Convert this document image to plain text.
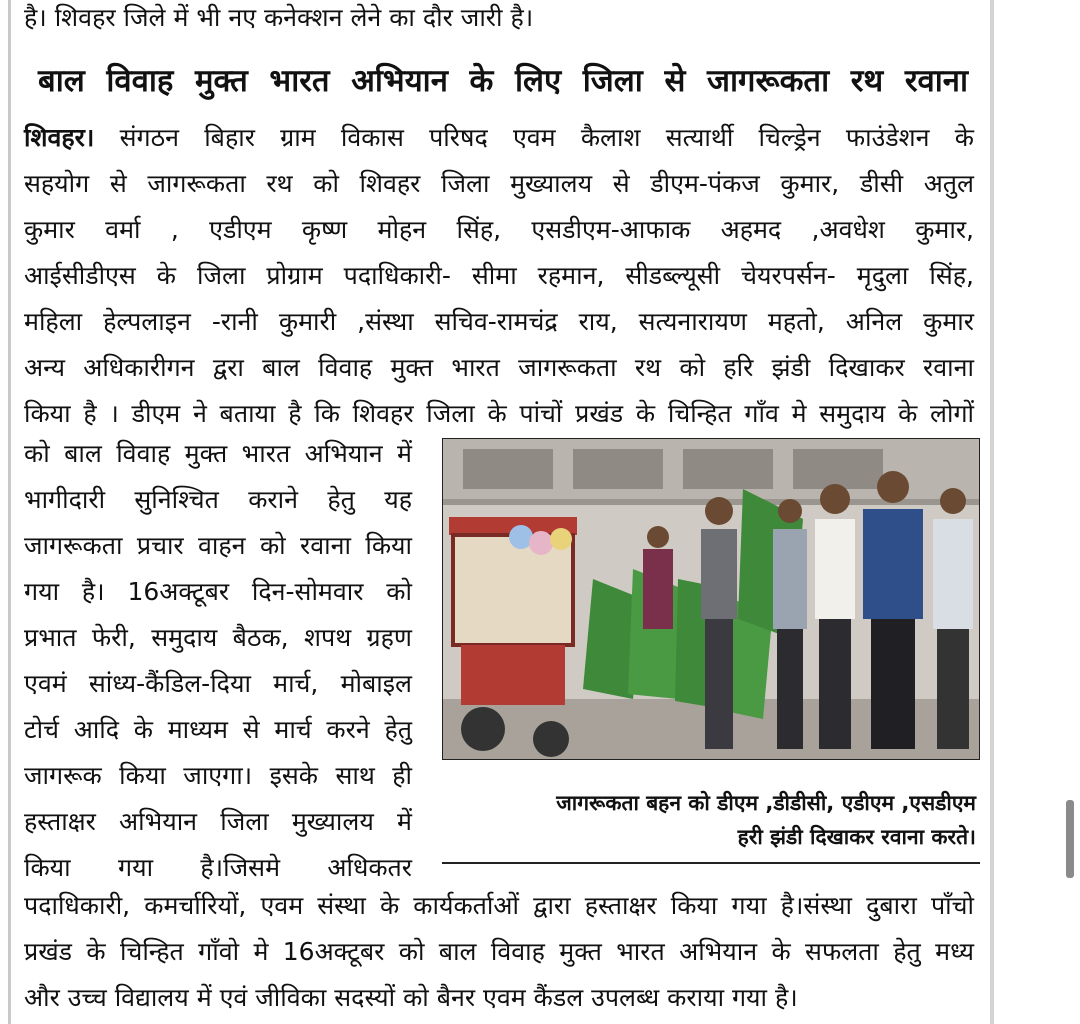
है। शिवहर जिले में भी नए कनेक्शन लेने का दौर जारी है।
बाल विवाह मुक्त भारत अभियान के लिए जिला से जागरूकता रथ रवाना
शिवहर। संगठन बिहार ग्राम विकास परिषद एवम कैलाश सत्यार्थी चिल्ड्रेन फाउंडेशन के
सहयोग से जागरूकता रथ को शिवहर जिला मुख्यालय से डीएम-पंकज कुमार, डीसी अतुल
कुमार वर्मा , एडीएम कृष्ण मोहन सिंह, एसडीएम-आफाक अहमद ,अवधेश कुमार,
आईसीडीएस के जिला प्रोग्राम पदाधिकारी- सीमा रहमान, सीडब्ल्यूसी चेयरपर्सन- मृदुला सिंह,
महिला हेल्पलाइन -रानी कुमारी ,संस्था सचिव-रामचंद्र राय, सत्यनारायण महतो, अनिल कुमार
अन्य अधिकारीगन द्वरा बाल विवाह मुक्त भारत जागरूकता रथ को हरि झंडी दिखाकर रवाना
किया है । डीएम ने बताया है कि शिवहर जिला के पांचों प्रखंड के चिन्हित गाँव मे समुदाय के लोगों
को बाल विवाह मुक्त भारत अभियान में
भागीदारी सुनिश्चित कराने हेतु यह
जागरूकता प्रचार वाहन को रवाना किया
गया है। 16अक्टूबर दिन-सोमवार को
प्रभात फेरी, समुदाय बैठक, शपथ ग्रहण
एवमं सांध्य-कैंडिल-दिया मार्च, मोबाइल
टोर्च आदि के माध्यम से मार्च करने हेतु
जागरूक किया जाएगा। इसके साथ ही
हस्ताक्षर अभियान जिला मुख्यालय में
किया गया है।जिसमे अधिकतर
जागरूकता बहन को डीएम ,डीडीसी, एडीएम ,एसडीएम
हरी झंडी दिखाकर रवाना करते।
पदाधिकारी, कमर्चारियों, एवम संस्था के कार्यकर्ताओं द्वारा हस्ताक्षर किया गया है।संस्था दुबारा पाँचो
प्रखंड के चिन्हित गाँवो मे 16अक्टूबर को बाल विवाह मुक्त भारत अभियान के सफलता हेतु मध्य
और उच्च विद्यालय में एवं जीविका सदस्यों को बैनर एवम कैंडल उपलब्ध कराया गया है।
